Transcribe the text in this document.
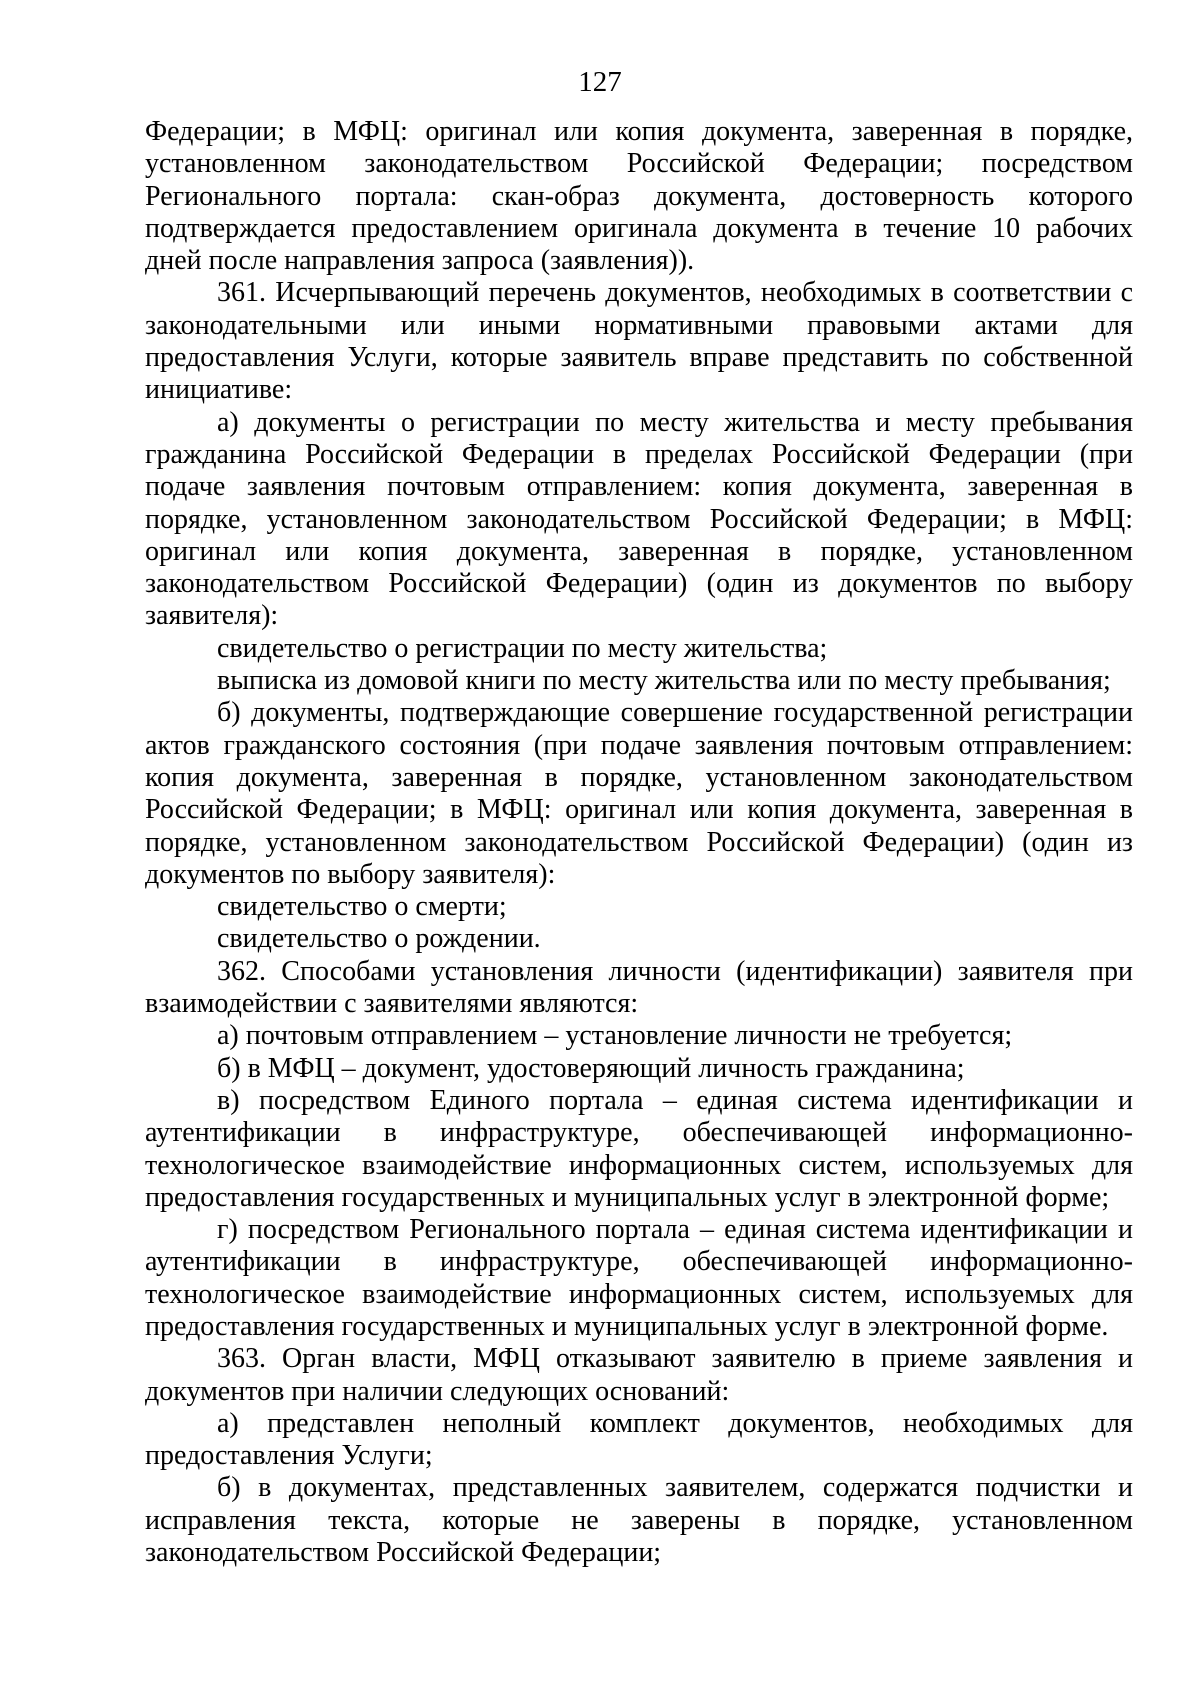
127

Федерации; в МФЦ: оригинал или копия документа, заверенная в порядке, установленном законодательством Российской Федерации; посредством Регионального портала: скан-образ документа, достоверность которого подтверждается предоставлением оригинала документа в течение 10 рабочих дней после направления запроса (заявления)).

361. Исчерпывающий перечень документов, необходимых в соответствии с законодательными или иными нормативными правовыми актами для предоставления Услуги, которые заявитель вправе представить по собственной инициативе:

а) документы о регистрации по месту жительства и месту пребывания гражданина Российской Федерации в пределах Российской Федерации (при подаче заявления почтовым отправлением: копия документа, заверенная в порядке, установленном законодательством Российской Федерации; в МФЦ: оригинал или копия документа, заверенная в порядке, установленном законодательством Российской Федерации) (один из документов по выбору заявителя):

свидетельство о регистрации по месту жительства;

выписка из домовой книги по месту жительства или по месту пребывания;

б) документы, подтверждающие совершение государственной регистрации актов гражданского состояния (при подаче заявления почтовым отправлением: копия документа, заверенная в порядке, установленном законодательством Российской Федерации; в МФЦ: оригинал или копия документа, заверенная в порядке, установленном законодательством Российской Федерации) (один из документов по выбору заявителя):

свидетельство о смерти;

свидетельство о рождении.

362. Способами установления личности (идентификации) заявителя при взаимодействии с заявителями являются:

а) почтовым отправлением – установление личности не требуется;

б) в МФЦ – документ, удостоверяющий личность гражданина;

в) посредством Единого портала – единая система идентификации и аутентификации в инфраструктуре, обеспечивающей информационно-технологическое взаимодействие информационных систем, используемых для предоставления государственных и муниципальных услуг в электронной форме;

г) посредством Регионального портала – единая система идентификации и аутентификации в инфраструктуре, обеспечивающей информационно-технологическое взаимодействие информационных систем, используемых для предоставления государственных и муниципальных услуг в электронной форме.

363. Орган власти, МФЦ отказывают заявителю в приеме заявления и документов при наличии следующих оснований:

а) представлен неполный комплект документов, необходимых для предоставления Услуги;

б) в документах, представленных заявителем, содержатся подчистки и исправления текста, которые не заверены в порядке, установленном законодательством Российской Федерации;
